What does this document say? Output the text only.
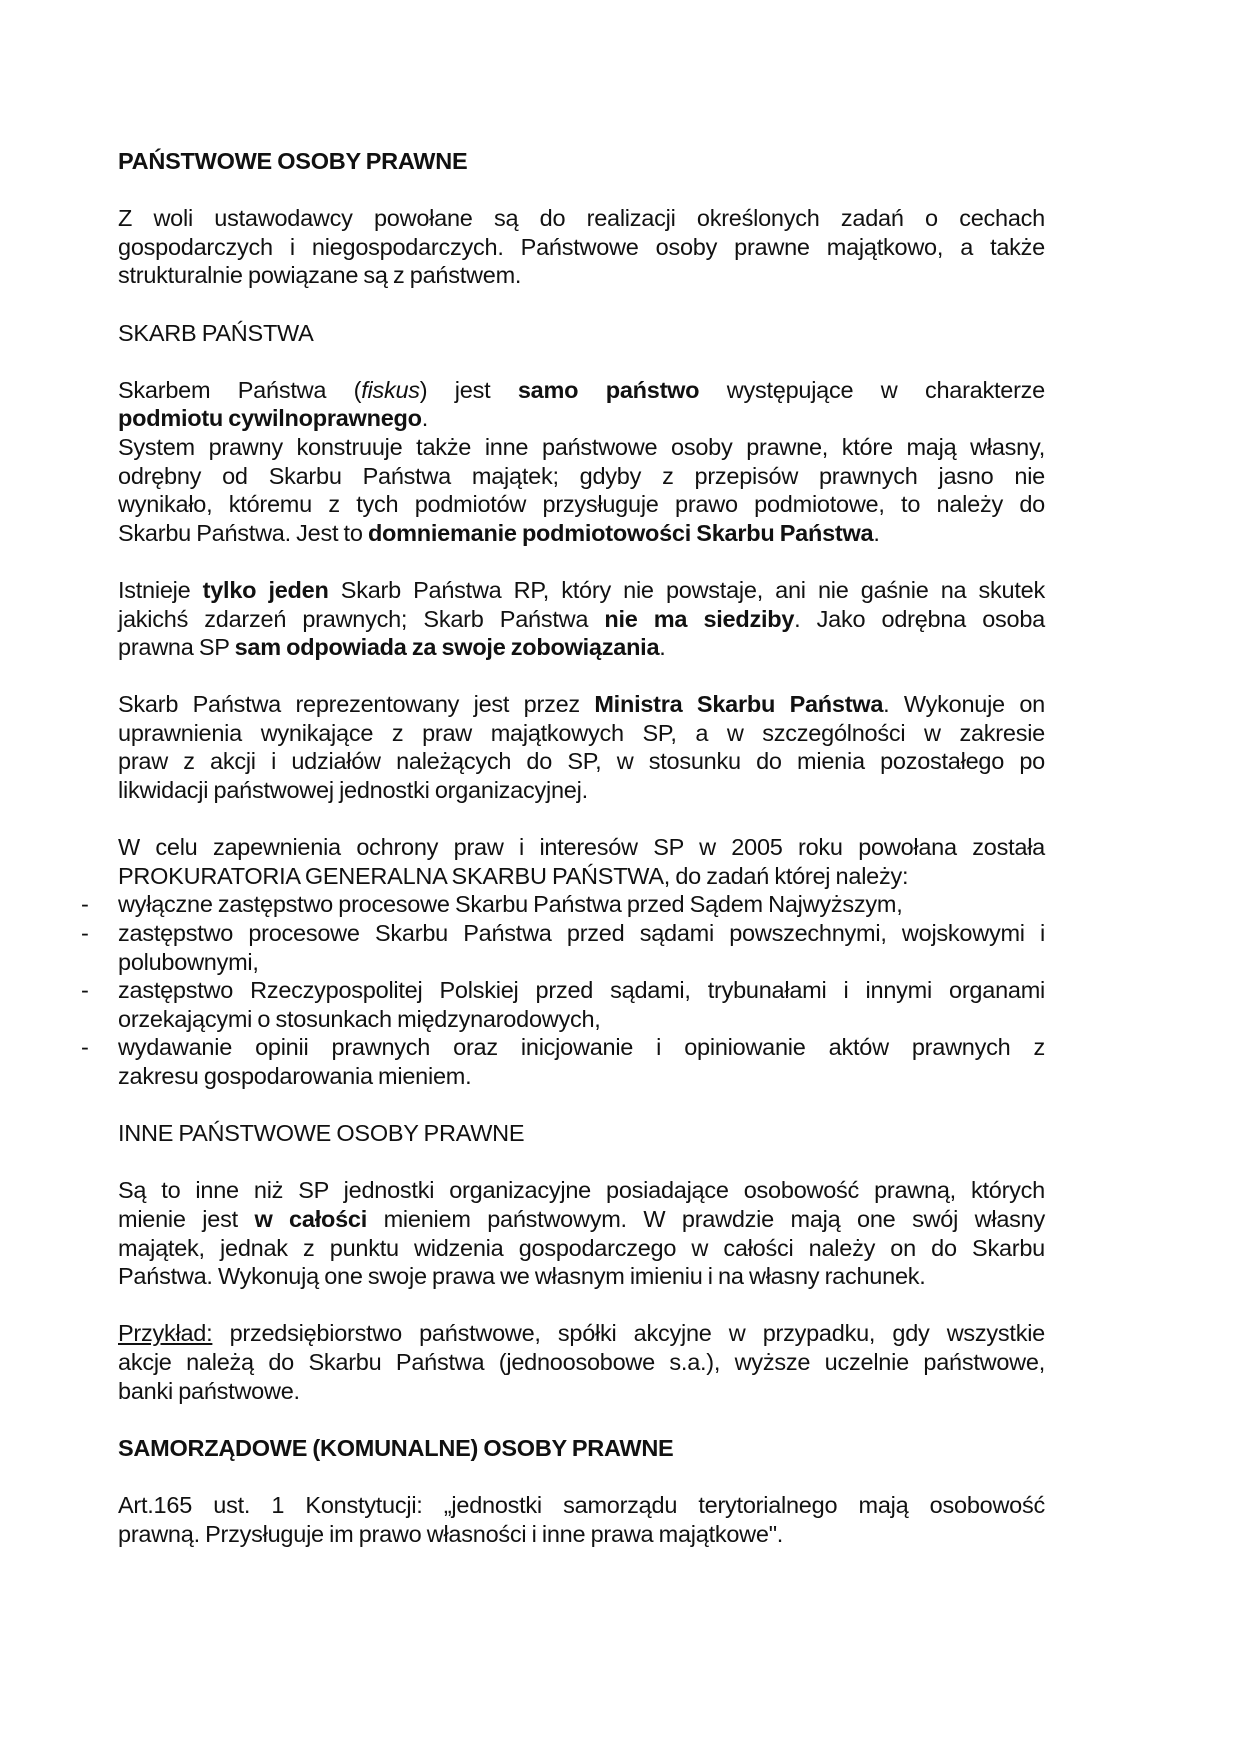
PAŃSTWOWE OSOBY PRAWNE
Z woli ustawodawcy powołane są do realizacji określonych zadań o cechach
gospodarczych i niegospodarczych. Państwowe osoby prawne majątkowo, a także
strukturalnie powiązane są z państwem.
SKARB PAŃSTWA
Skarbem Państwa (fiskus) jest samo państwo występujące w charakterze
podmiotu cywilnoprawnego.
System prawny konstruuje także inne państwowe osoby prawne, które mają własny,
odrębny od Skarbu Państwa majątek; gdyby z przepisów prawnych jasno nie
wynikało, któremu z tych podmiotów przysługuje prawo podmiotowe, to należy do
Skarbu Państwa. Jest to domniemanie podmiotowości Skarbu Państwa.
Istnieje tylko jeden Skarb Państwa RP, który nie powstaje, ani nie gaśnie na skutek
jakichś zdarzeń prawnych; Skarb Państwa nie ma siedziby. Jako odrębna osoba
prawna SP sam odpowiada za swoje zobowiązania.
Skarb Państwa reprezentowany jest przez Ministra Skarbu Państwa. Wykonuje on
uprawnienia wynikające z praw majątkowych SP, a w szczególności w zakresie
praw z akcji i udziałów należących do SP, w stosunku do mienia pozostałego po
likwidacji państwowej jednostki organizacyjnej.
W celu zapewnienia ochrony praw i interesów SP w 2005 roku powołana została
PROKURATORIA GENERALNA SKARBU PAŃSTWA, do zadań której należy:
- wyłączne zastępstwo procesowe Skarbu Państwa przed Sądem Najwyższym,
- zastępstwo procesowe Skarbu Państwa przed sądami powszechnymi, wojskowymi i
polubownymi,
- zastępstwo Rzeczypospolitej Polskiej przed sądami, trybunałami i innymi organami
orzekającymi o stosunkach międzynarodowych,
- wydawanie opinii prawnych oraz inicjowanie i opiniowanie aktów prawnych z
zakresu gospodarowania mieniem.
INNE PAŃSTWOWE OSOBY PRAWNE
Są to inne niż SP jednostki organizacyjne posiadające osobowość prawną, których
mienie jest w całości mieniem państwowym. W prawdzie mają one swój własny
majątek, jednak z punktu widzenia gospodarczego w całości należy on do Skarbu
Państwa. Wykonują one swoje prawa we własnym imieniu i na własny rachunek.
Przykład: przedsiębiorstwo państwowe, spółki akcyjne w przypadku, gdy wszystkie
akcje należą do Skarbu Państwa (jednoosobowe s.a.), wyższe uczelnie państwowe,
banki państwowe.
SAMORZĄDOWE (KOMUNALNE) OSOBY PRAWNE
Art.165 ust. 1 Konstytucji: „jednostki samorządu terytorialnego mają osobowość
prawną. Przysługuje im prawo własności i inne prawa majątkowe".
